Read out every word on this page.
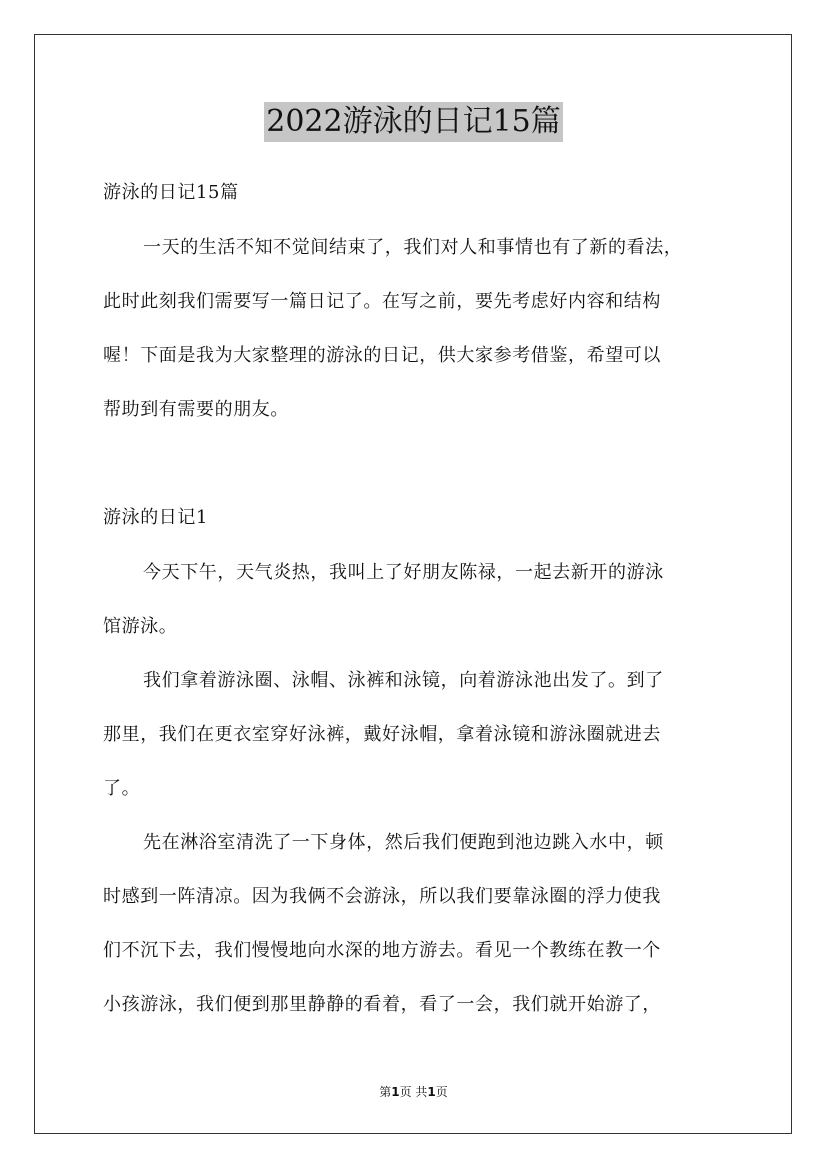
2022游泳的日记15篇
游泳的日记15篇
一天的生活不知不觉间结束了，我们对人和事情也有了新的看法，
此时此刻我们需要写一篇日记了。在写之前，要先考虑好内容和结构
喔！下面是我为大家整理的游泳的日记，供大家参考借鉴，希望可以
帮助到有需要的朋友。
游泳的日记1
今天下午，天气炎热，我叫上了好朋友陈禄，一起去新开的游泳
馆游泳。
我们拿着游泳圈、泳帽、泳裤和泳镜，向着游泳池出发了。到了
那里，我们在更衣室穿好泳裤，戴好泳帽，拿着泳镜和游泳圈就进去
了。
先在淋浴室清洗了一下身体，然后我们便跑到池边跳入水中，顿
时感到一阵清凉。因为我俩不会游泳，所以我们要靠泳圈的浮力使我
们不沉下去，我们慢慢地向水深的地方游去。看见一个教练在教一个
小孩游泳，我们便到那里静静的看着，看了一会，我们就开始游了，
第1页 共1页
